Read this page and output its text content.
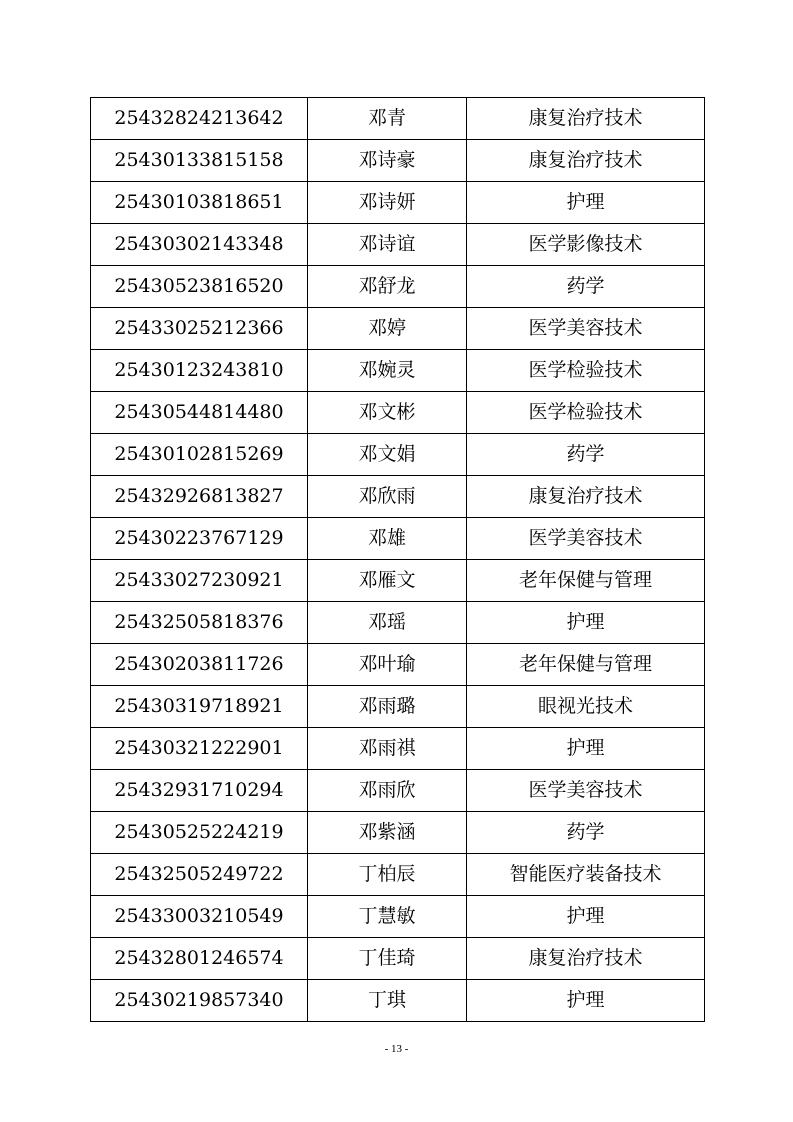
25432824213642	邓青	康复治疗技术
25430133815158	邓诗豪	康复治疗技术
25430103818651	邓诗妍	护理
25430302143348	邓诗谊	医学影像技术
25430523816520	邓舒龙	药学
25433025212366	邓婷	医学美容技术
25430123243810	邓婉灵	医学检验技术
25430544814480	邓文彬	医学检验技术
25430102815269	邓文娟	药学
25432926813827	邓欣雨	康复治疗技术
25430223767129	邓雄	医学美容技术
25433027230921	邓雁文	老年保健与管理
25432505818376	邓瑶	护理
25430203811726	邓叶瑜	老年保健与管理
25430319718921	邓雨璐	眼视光技术
25430321222901	邓雨祺	护理
25432931710294	邓雨欣	医学美容技术
25430525224219	邓紫涵	药学
25432505249722	丁柏辰	智能医疗装备技术
25433003210549	丁慧敏	护理
25432801246574	丁佳琦	康复治疗技术
25430219857340	丁琪	护理
- 13 -
